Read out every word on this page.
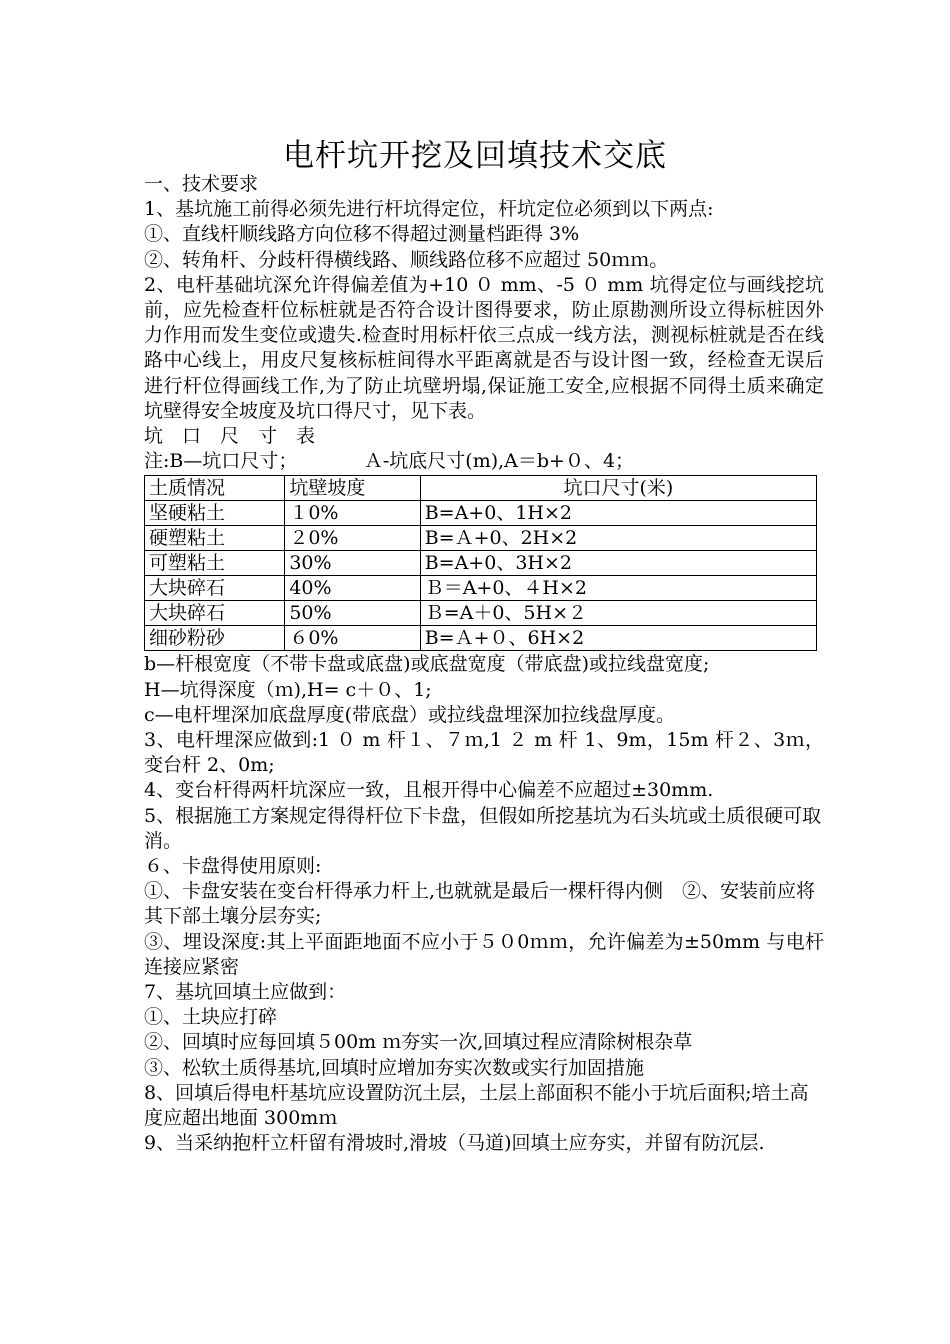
电杆坑开挖及回填技术交底

一、技术要求

1、基坑施工前得必须先进行杆坑得定位，杆坑定位必须到以下两点:

①、直线杆顺线路方向位移不得超过测量档距得 3%

②、转角杆、分歧杆得横线路、顺线路位移不应超过 50ｍｍ。

2、电杆基础坑深允许得偏差值为+10 ０ mm、-5 ０ mm 坑得定位与画线挖坑前，应先检查杆位标桩就是否符合设计图得要求，防止原勘测所设立得标桩因外力作用而发生变位或遗失.检查时用标杆依三点成一线方法，测视标桩就是否在线路中心线上，用皮尺复核标桩间得水平距离就是否与设计图一致，经检查无误后进行杆位得画线工作,为了防止坑壁坍塌,保证施工安全,应根据不同得土质来确定坑壁得安全坡度及坑口得尺寸，见下表。

坑　口　尺　寸　表

注:B—坑口尺寸；　　　　Ａ-坑底尺寸(m),A＝b+０、4；

土质情况	坑壁坡度	坑口尺寸(米)
坚硬粘土	１0%	B=A+0、1H×2
硬塑粘土	２0%	B=Ａ+0、2H×2
可塑粘土	30%	B=A+0、3H×2
大块碎石	40%	Ｂ＝A+0、４H×2
大块碎石	50%	Ｂ=A＋0、5H×２
细砂粉砂	６0%	B=Ａ+０、6H×2

b—杆根宽度（不带卡盘或底盘)或底盘宽度（带底盘)或拉线盘宽度;

H—坑得深度（ｍ),H= c＋０、1;

c—电杆埋深加底盘厚度(带底盘）或拉线盘埋深加拉线盘厚度。

3、电杆埋深应做到:1 ０ m 杆１、７ｍ,1 ２ m 杆 1、9m，15m 杆２、3ｍ，变台杆 2、0m;

4、变台杆得两杆坑深应一致，且根开得中心偏差不应超过±30mm.

5、根据施工方案规定得得杆位下卡盘，但假如所挖基坑为石头坑或土质很硬可取消。

６、卡盘得使用原则:

①、卡盘安装在变台杆得承力杆上,也就就是最后一棵杆得内侧　②、安装前应将其下部土壤分层夯实;

③、埋设深度:其上平面距地面不应小于５０0ｍｍ，允许偏差为±50mm 与电杆连接应紧密

7、基坑回填土应做到：

①、土块应打碎

②、回填时应每回填５00m ｍ夯实一次,回填过程应清除树根杂草

③、松软土质得基坑,回填时应增加夯实次数或实行加固措施

8、回填后得电杆基坑应设置防沉土层，土层上部面积不能小于坑后面积;培土高度应超出地面 300mｍ

9、当采纳抱杆立杆留有滑坡时,滑坡（马道)回填土应夯实，并留有防沉层.
